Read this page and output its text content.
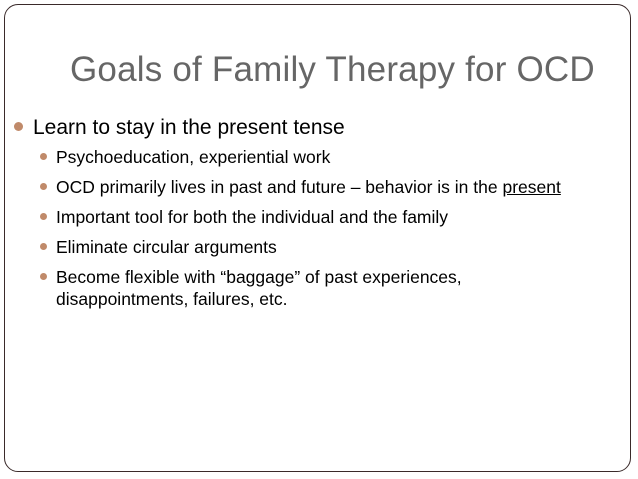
Goals of Family Therapy for OCD

Learn to stay in the present tense

Psychoeducation, experiential work
OCD primarily lives in past and future – behavior is in the present
Important tool for both the individual and the family
Eliminate circular arguments
Become flexible with “baggage” of past experiences, disappointments, failures, etc.
